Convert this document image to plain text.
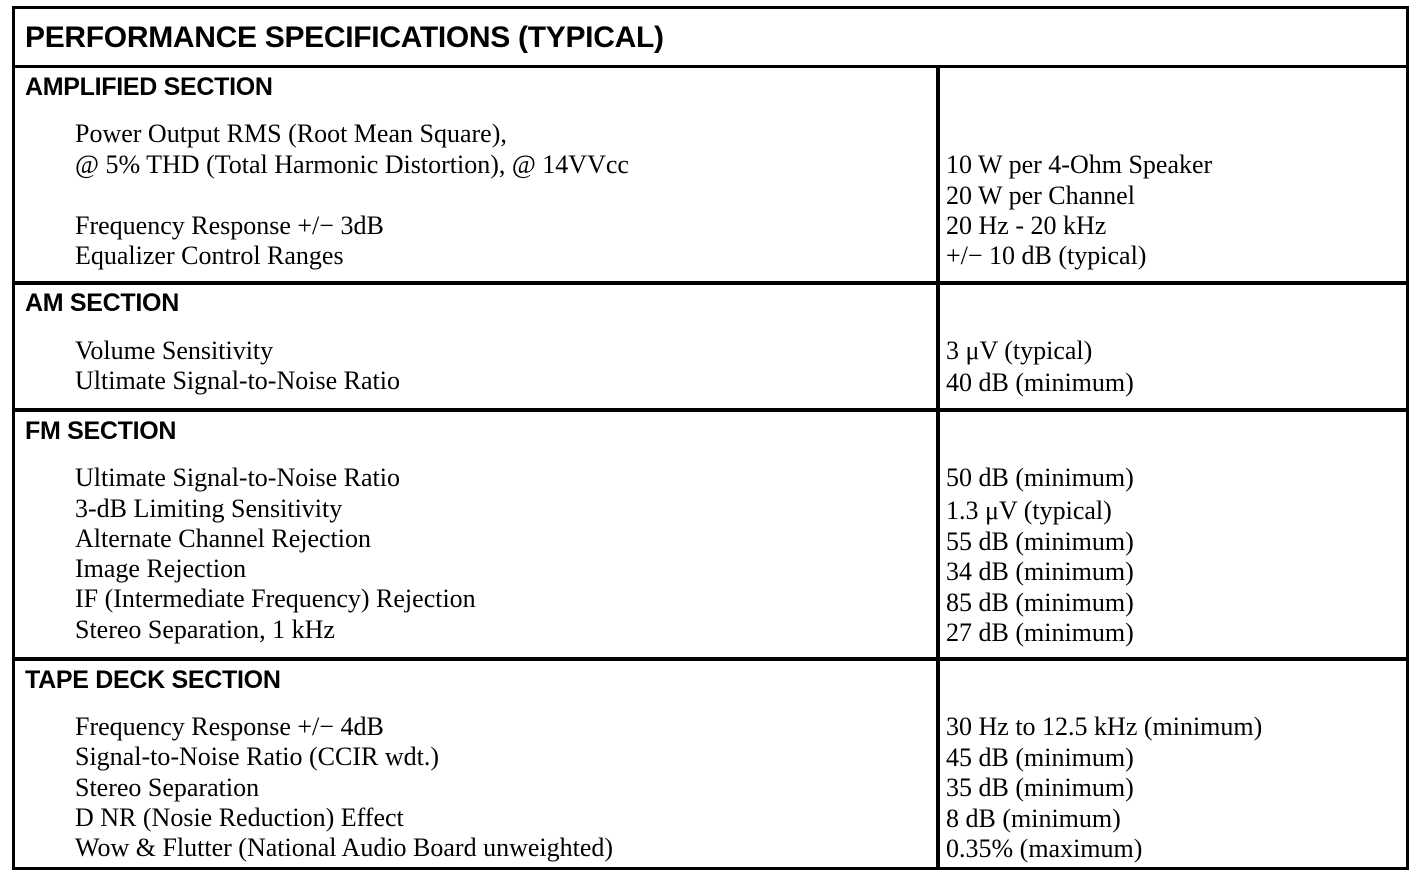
PERFORMANCE SPECIFICATIONS (TYPICAL)
AMPLIFIED SECTION
Power Output RMS (Root Mean Square),
@ 5% THD (Total Harmonic Distortion), @ 14VVcc
Frequency Response +/− 3dB
Equalizer Control Ranges
10 W per 4-Ohm Speaker
20 W per Channel
20 Hz - 20 kHz
+/− 10 dB (typical)
AM SECTION
Volume Sensitivity
Ultimate Signal-to-Noise Ratio
3 μV (typical)
40 dB (minimum)
FM SECTION
Ultimate Signal-to-Noise Ratio
3-dB Limiting Sensitivity
Alternate Channel Rejection
Image Rejection
IF (Intermediate Frequency) Rejection
Stereo Separation, 1 kHz
50 dB (minimum)
1.3 μV (typical)
55 dB (minimum)
34 dB (minimum)
85 dB (minimum)
27 dB (minimum)
TAPE DECK SECTION
Frequency Response +/− 4dB
Signal-to-Noise Ratio (CCIR wdt.)
Stereo Separation
D NR (Nosie Reduction) Effect
Wow & Flutter (National Audio Board unweighted)
30 Hz to 12.5 kHz (minimum)
45 dB (minimum)
35 dB (minimum)
8 dB (minimum)
0.35% (maximum)
